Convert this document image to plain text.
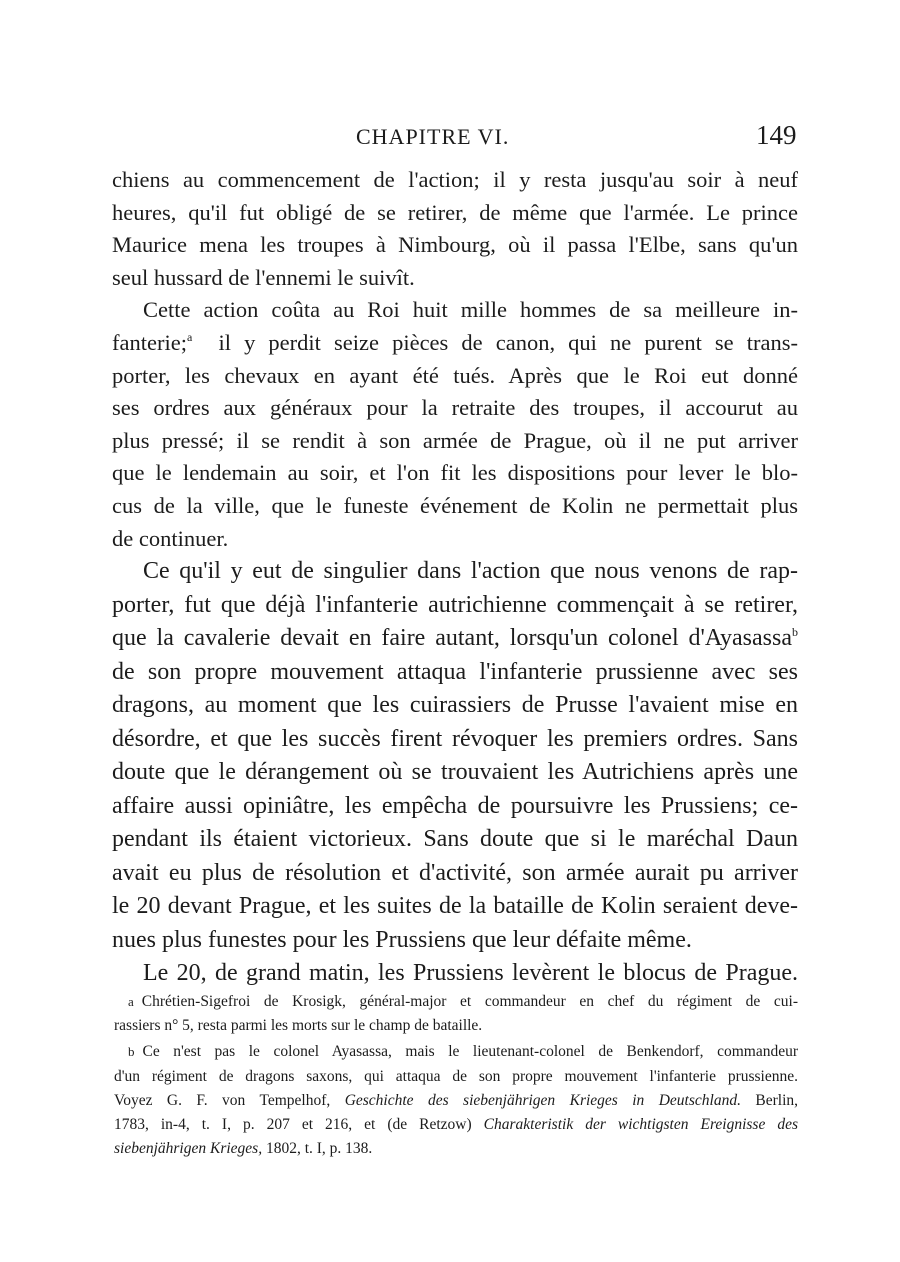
CHAPITRE VI.	149

chiens au commencement de l'action; il y resta jusqu'au soir à neuf
heures, qu'il fut obligé de se retirer, de même que l'armée. Le prince
Maurice mena les troupes à Nimbourg, où il passa l'Elbe, sans qu'un
seul hussard de l'ennemi le suivît.

Cette action coûta au Roi huit mille hommes de sa meilleure in-
fanterie;$^a$ il y perdit seize pièces de canon, qui ne purent se trans-
porter, les chevaux en ayant été tués. Après que le Roi eut donné
ses ordres aux généraux pour la retraite des troupes, il accourut au
plus pressé; il se rendit à son armée de Prague, où il ne put arriver
que le lendemain au soir, et l'on fit les dispositions pour lever le blo-
cus de la ville, que le funeste événement de Kolin ne permettait plus
de continuer.

Ce qu'il y eut de singulier dans l'action que nous venons de rap-
porter, fut que déjà l'infanterie autrichienne commençait à se retirer,
que la cavalerie devait en faire autant, lorsqu'un colonel d'Ayasassa$^b$
de son propre mouvement attaqua l'infanterie prussienne avec ses
dragons, au moment que les cuirassiers de Prusse l'avaient mise en
désordre, et que les succès firent révoquer les premiers ordres. Sans
doute que le dérangement où se trouvaient les Autrichiens après une
affaire aussi opiniâtre, les empêcha de poursuivre les Prussiens; ce-
pendant ils étaient victorieux. Sans doute que si le maréchal Daun
avait eu plus de résolution et d'activité, son armée aurait pu arriver
le 20 devant Prague, et les suites de la bataille de Kolin seraient deve-
nues plus funestes pour les Prussiens que leur défaite même.

Le 20, de grand matin, les Prussiens levèrent le blocus de Prague.

a Chrétien-Sigefroi de Krosigk, général-major et commandeur en chef du régiment de cui-
rassiers n° 5, resta parmi les morts sur le champ de bataille.
b Ce n'est pas le colonel Ayasassa, mais le lieutenant-colonel de Benkendorf, commandeur
d'un régiment de dragons saxons, qui attaqua de son propre mouvement l'infanterie prussienne.
Voyez G. F. von Tempelhof, Geschichte des siebenjährigen Krieges in Deutschland. Berlin,
1783, in-4, t. I, p. 207 et 216, et (de Retzow) Charakteristik der wichtigsten Ereignisse des
siebenjährigen Krieges, 1802, t. I, p. 138.
